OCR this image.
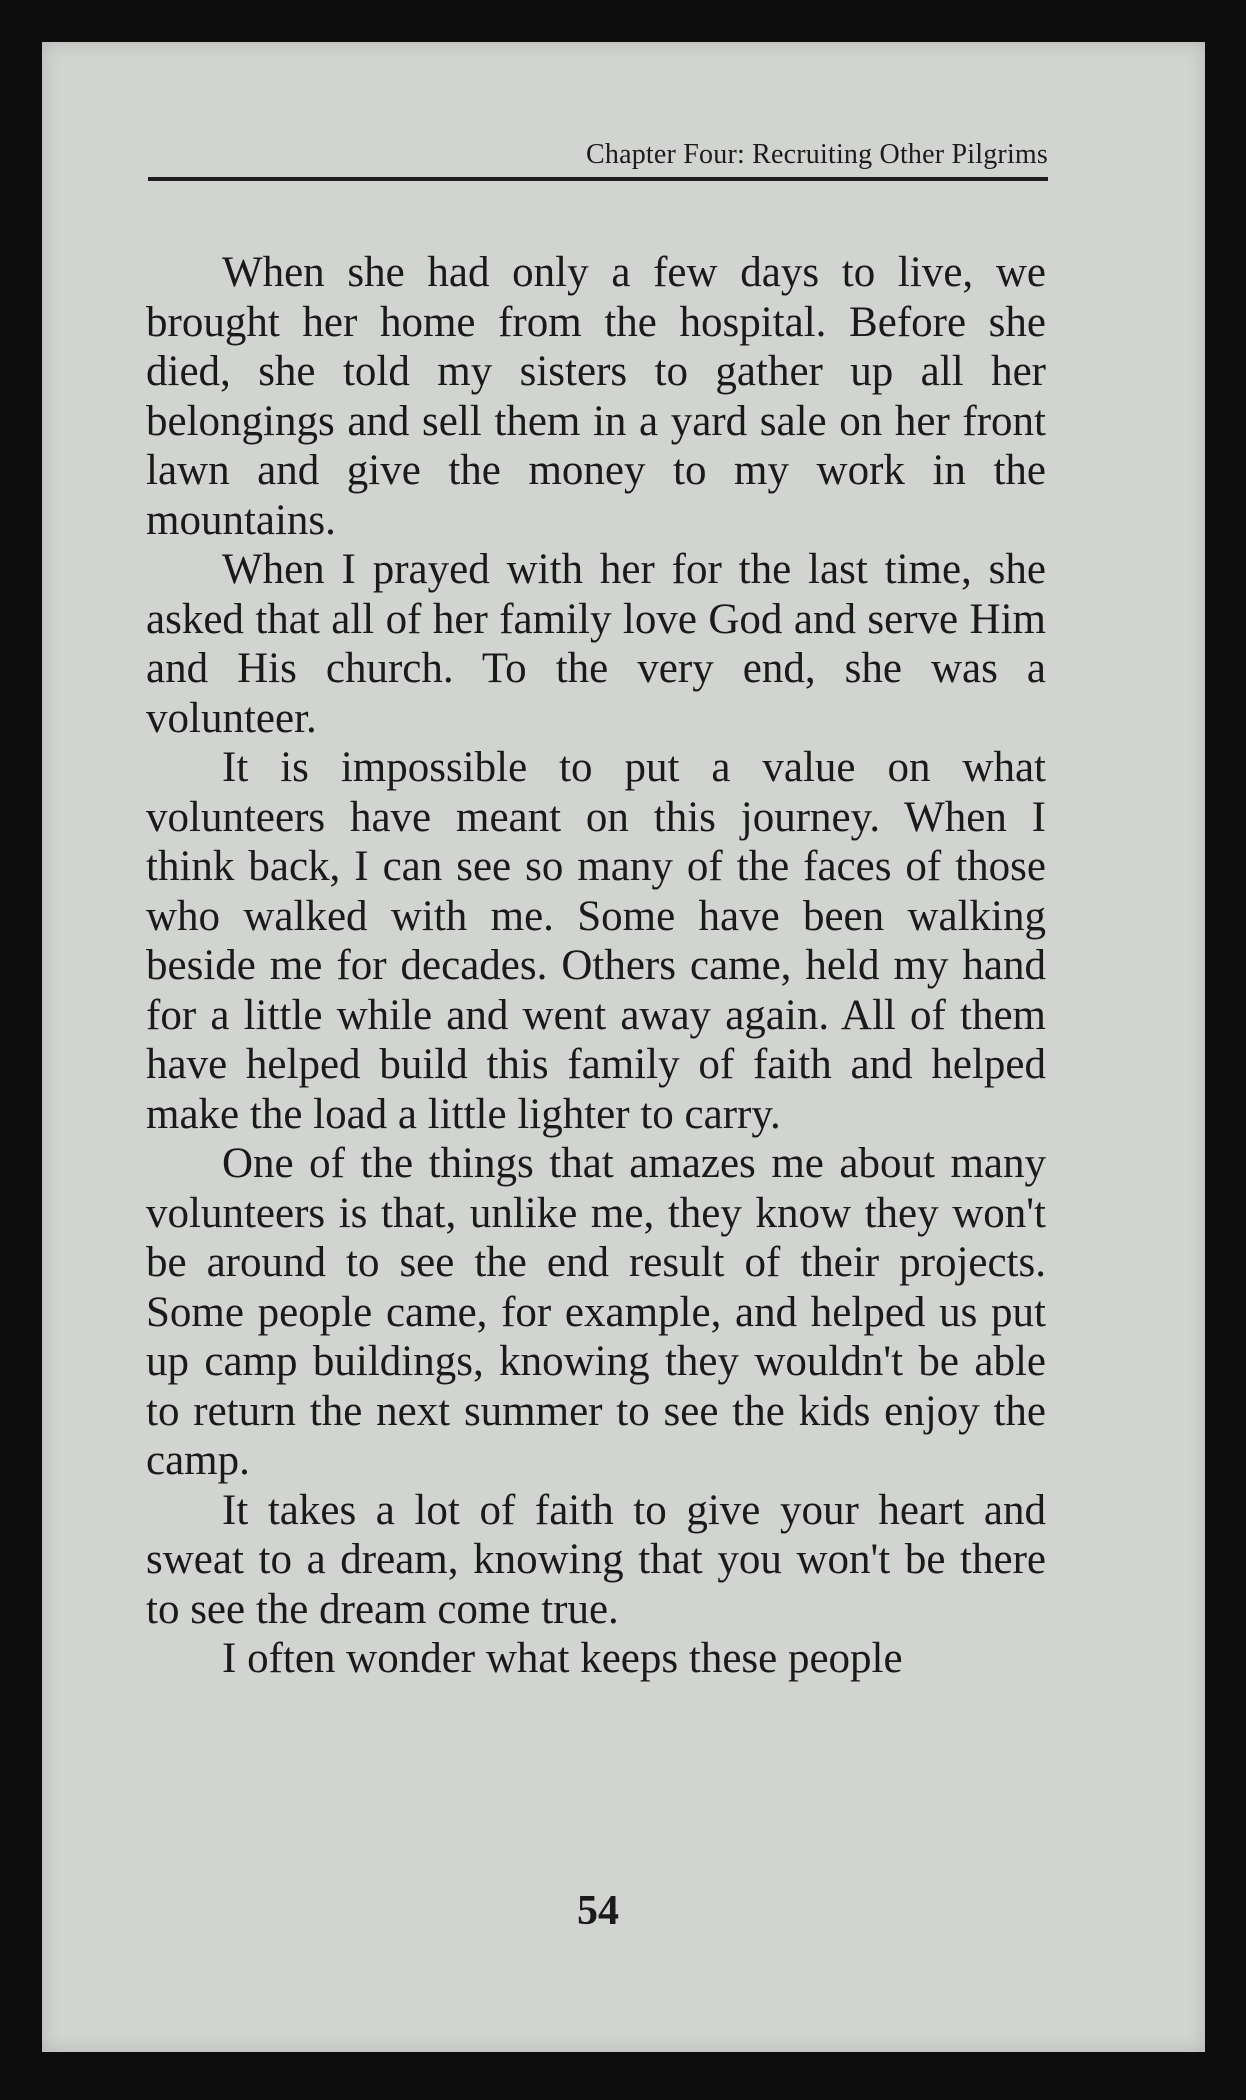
Chapter Four: Recruiting Other Pilgrims

When she had only a few days to live, we brought her home from the hospital. Before she died, she told my sisters to gather up all her belongings and sell them in a yard sale on her front lawn and give the money to my work in the mountains.

When I prayed with her for the last time, she asked that all of her family love God and serve Him and His church. To the very end, she was a volunteer.

It is impossible to put a value on what volunteers have meant on this journey. When I think back, I can see so many of the faces of those who walked with me. Some have been walking beside me for decades. Others came, held my hand for a little while and went away again. All of them have helped build this family of faith and helped make the load a little lighter to carry.

One of the things that amazes me about many volunteers is that, unlike me, they know they won't be around to see the end result of their projects. Some people came, for example, and helped us put up camp buildings, knowing they wouldn't be able to return the next summer to see the kids enjoy the camp.

It takes a lot of faith to give your heart and sweat to a dream, knowing that you won't be there to see the dream come true.

I often wonder what keeps these people

54
